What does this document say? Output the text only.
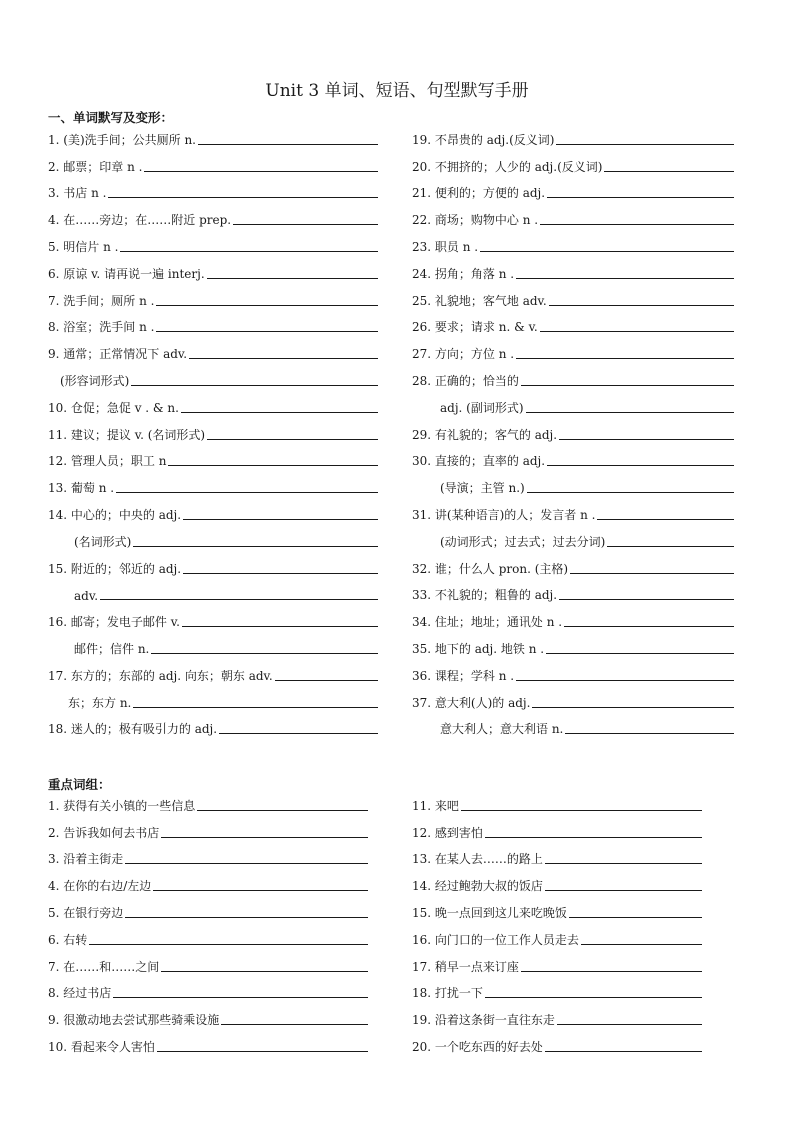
Unit 3 单词、短语、句型默写手册
一、单词默写及变形：
1. (美)洗手间；公共厕所 n.
2. 邮票；印章 n .
3. 书店 n .
4. 在……旁边；在……附近 prep.
5. 明信片 n .
6. 原谅 v. 请再说一遍 interj.
7. 洗手间；厕所 n .
8. 浴室；洗手间 n .
9. 通常；正常情况下 adv.
(形容词形式)
10. 仓促；急促 v . & n.
11. 建议；提议 v. (名词形式)
12. 管理人员；职工 n
13. 葡萄 n .
14. 中心的；中央的 adj.
(名词形式)
15. 附近的；邻近的 adj.
adv.
16. 邮寄；发电子邮件 v.
邮件；信件 n.
17. 东方的；东部的 adj. 向东；朝东 adv.
东；东方 n.
18. 迷人的；极有吸引力的 adj.
19. 不昂贵的 adj.(反义词)
20. 不拥挤的；人少的 adj.(反义词)
21. 便利的；方便的 adj.
22. 商场；购物中心 n .
23. 职员 n .
24. 拐角；角落 n .
25. 礼貌地；客气地 adv.
26. 要求；请求 n. & v.
27. 方向；方位 n .
28. 正确的；恰当的
adj. (副词形式)
29. 有礼貌的；客气的 adj.
30. 直接的；直率的 adj.
(导演；主管 n.)
31. 讲(某种语言)的人；发言者 n .
(动词形式；过去式；过去分词)
32. 谁；什么人 pron. (主格)
33. 不礼貌的；粗鲁的 adj.
34. 住址；地址；通讯处 n .
35. 地下的 adj. 地铁 n .
36. 课程；学科 n .
37. 意大利(人)的 adj.
意大利人；意大利语 n.
重点词组：
1. 获得有关小镇的一些信息
2. 告诉我如何去书店
3. 沿着主街走
4. 在你的右边/左边
5. 在银行旁边
6. 右转
7. 在……和……之间
8. 经过书店
9. 很激动地去尝试那些骑乘设施
10. 看起来令人害怕
11. 来吧
12. 感到害怕
13. 在某人去……的路上
14. 经过鲍勃大叔的饭店
15. 晚一点回到这儿来吃晚饭
16. 向门口的一位工作人员走去
17. 稍早一点来订座
18. 打扰一下
19. 沿着这条街一直往东走
20. 一个吃东西的好去处
